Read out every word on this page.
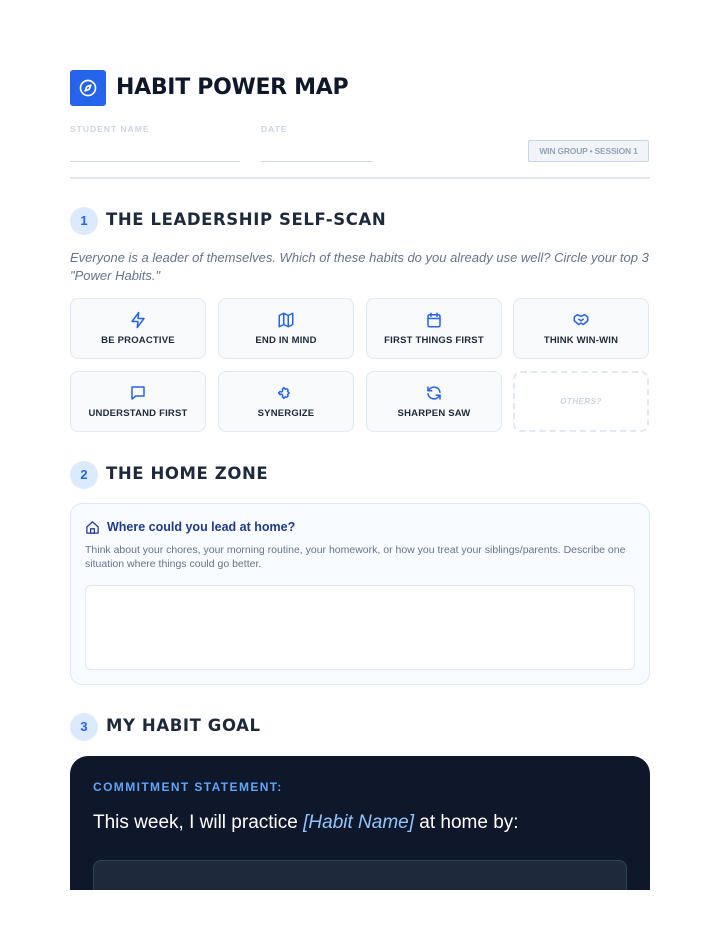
HABIT POWER MAP
STUDENT NAME	DATE
WIN GROUP • SESSION 1
1	THE LEADERSHIP SELF-SCAN
Everyone is a leader of themselves. Which of these habits do you already use well? Circle your top 3 "Power Habits."
BE PROACTIVE	END IN MIND	FIRST THINGS FIRST	THINK WIN-WIN
UNDERSTAND FIRST	SYNERGIZE	SHARPEN SAW
OTHERS?
2	THE HOME ZONE
Where could you lead at home?
Think about your chores, your morning routine, your homework, or how you treat your siblings/parents. Describe one situation where things could go better.
3	MY HABIT GOAL
COMMITMENT STATEMENT:
This week, I will practice [Habit Name] at home by:
